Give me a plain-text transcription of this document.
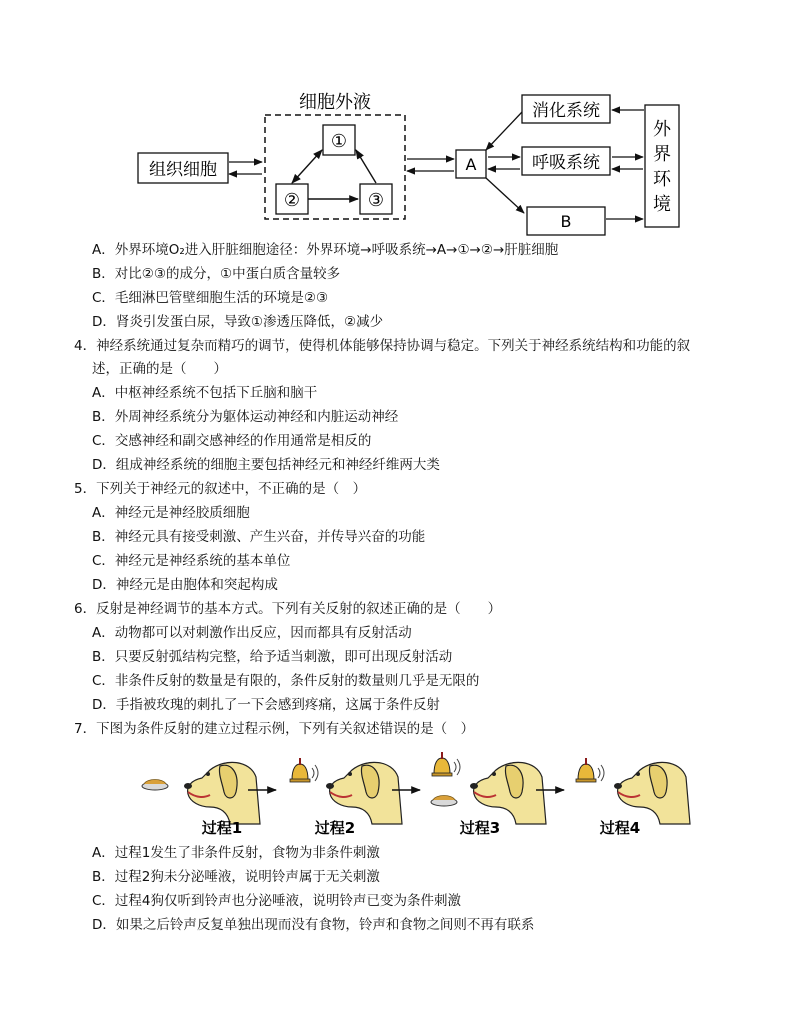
细胞外液
组织细胞
①
②	③
A
B
消化系统
呼吸系统
外
界
环
境
A．外界环境O₂进入肝脏细胞途径：外界环境→呼吸系统→A→①→②→肝脏细胞
B．对比②③的成分，①中蛋白质含量较多
C．毛细淋巴管壁细胞生活的环境是②③
D．肾炎引发蛋白尿，导致①渗透压降低，②减少
4．神经系统通过复杂而精巧的调节，使得机体能够保持协调与稳定。下列关于神经系统结构和功能的叙
述，正确的是（　　）
A．中枢神经系统不包括下丘脑和脑干
B．外周神经系统分为躯体运动神经和内脏运动神经
C．交感神经和副交感神经的作用通常是相反的
D．组成神经系统的细胞主要包括神经元和神经纤维两大类
5．下列关于神经元的叙述中，不正确的是（　）
A．神经元是神经胶质细胞
B．神经元具有接受刺激、产生兴奋，并传导兴奋的功能
C．神经元是神经系统的基本单位
D．神经元是由胞体和突起构成
6．反射是神经调节的基本方式。下列有关反射的叙述正确的是（　　）
A．动物都可以对刺激作出反应，因而都具有反射活动
B．只要反射弧结构完整，给予适当刺激，即可出现反射活动
C．非条件反射的数量是有限的，条件反射的数量则几乎是无限的
D．手指被玫瑰的刺扎了一下会感到疼痛，这属于条件反射
7．下图为条件反射的建立过程示例，下列有关叙述错误的是（　）
过程1	过程2	过程3	过程4
A．过程1发生了非条件反射，食物为非条件刺激
B．过程2狗未分泌唾液，说明铃声属于无关刺激
C．过程4狗仅听到铃声也分泌唾液，说明铃声已变为条件刺激
D．如果之后铃声反复单独出现而没有食物，铃声和食物之间则不再有联系
